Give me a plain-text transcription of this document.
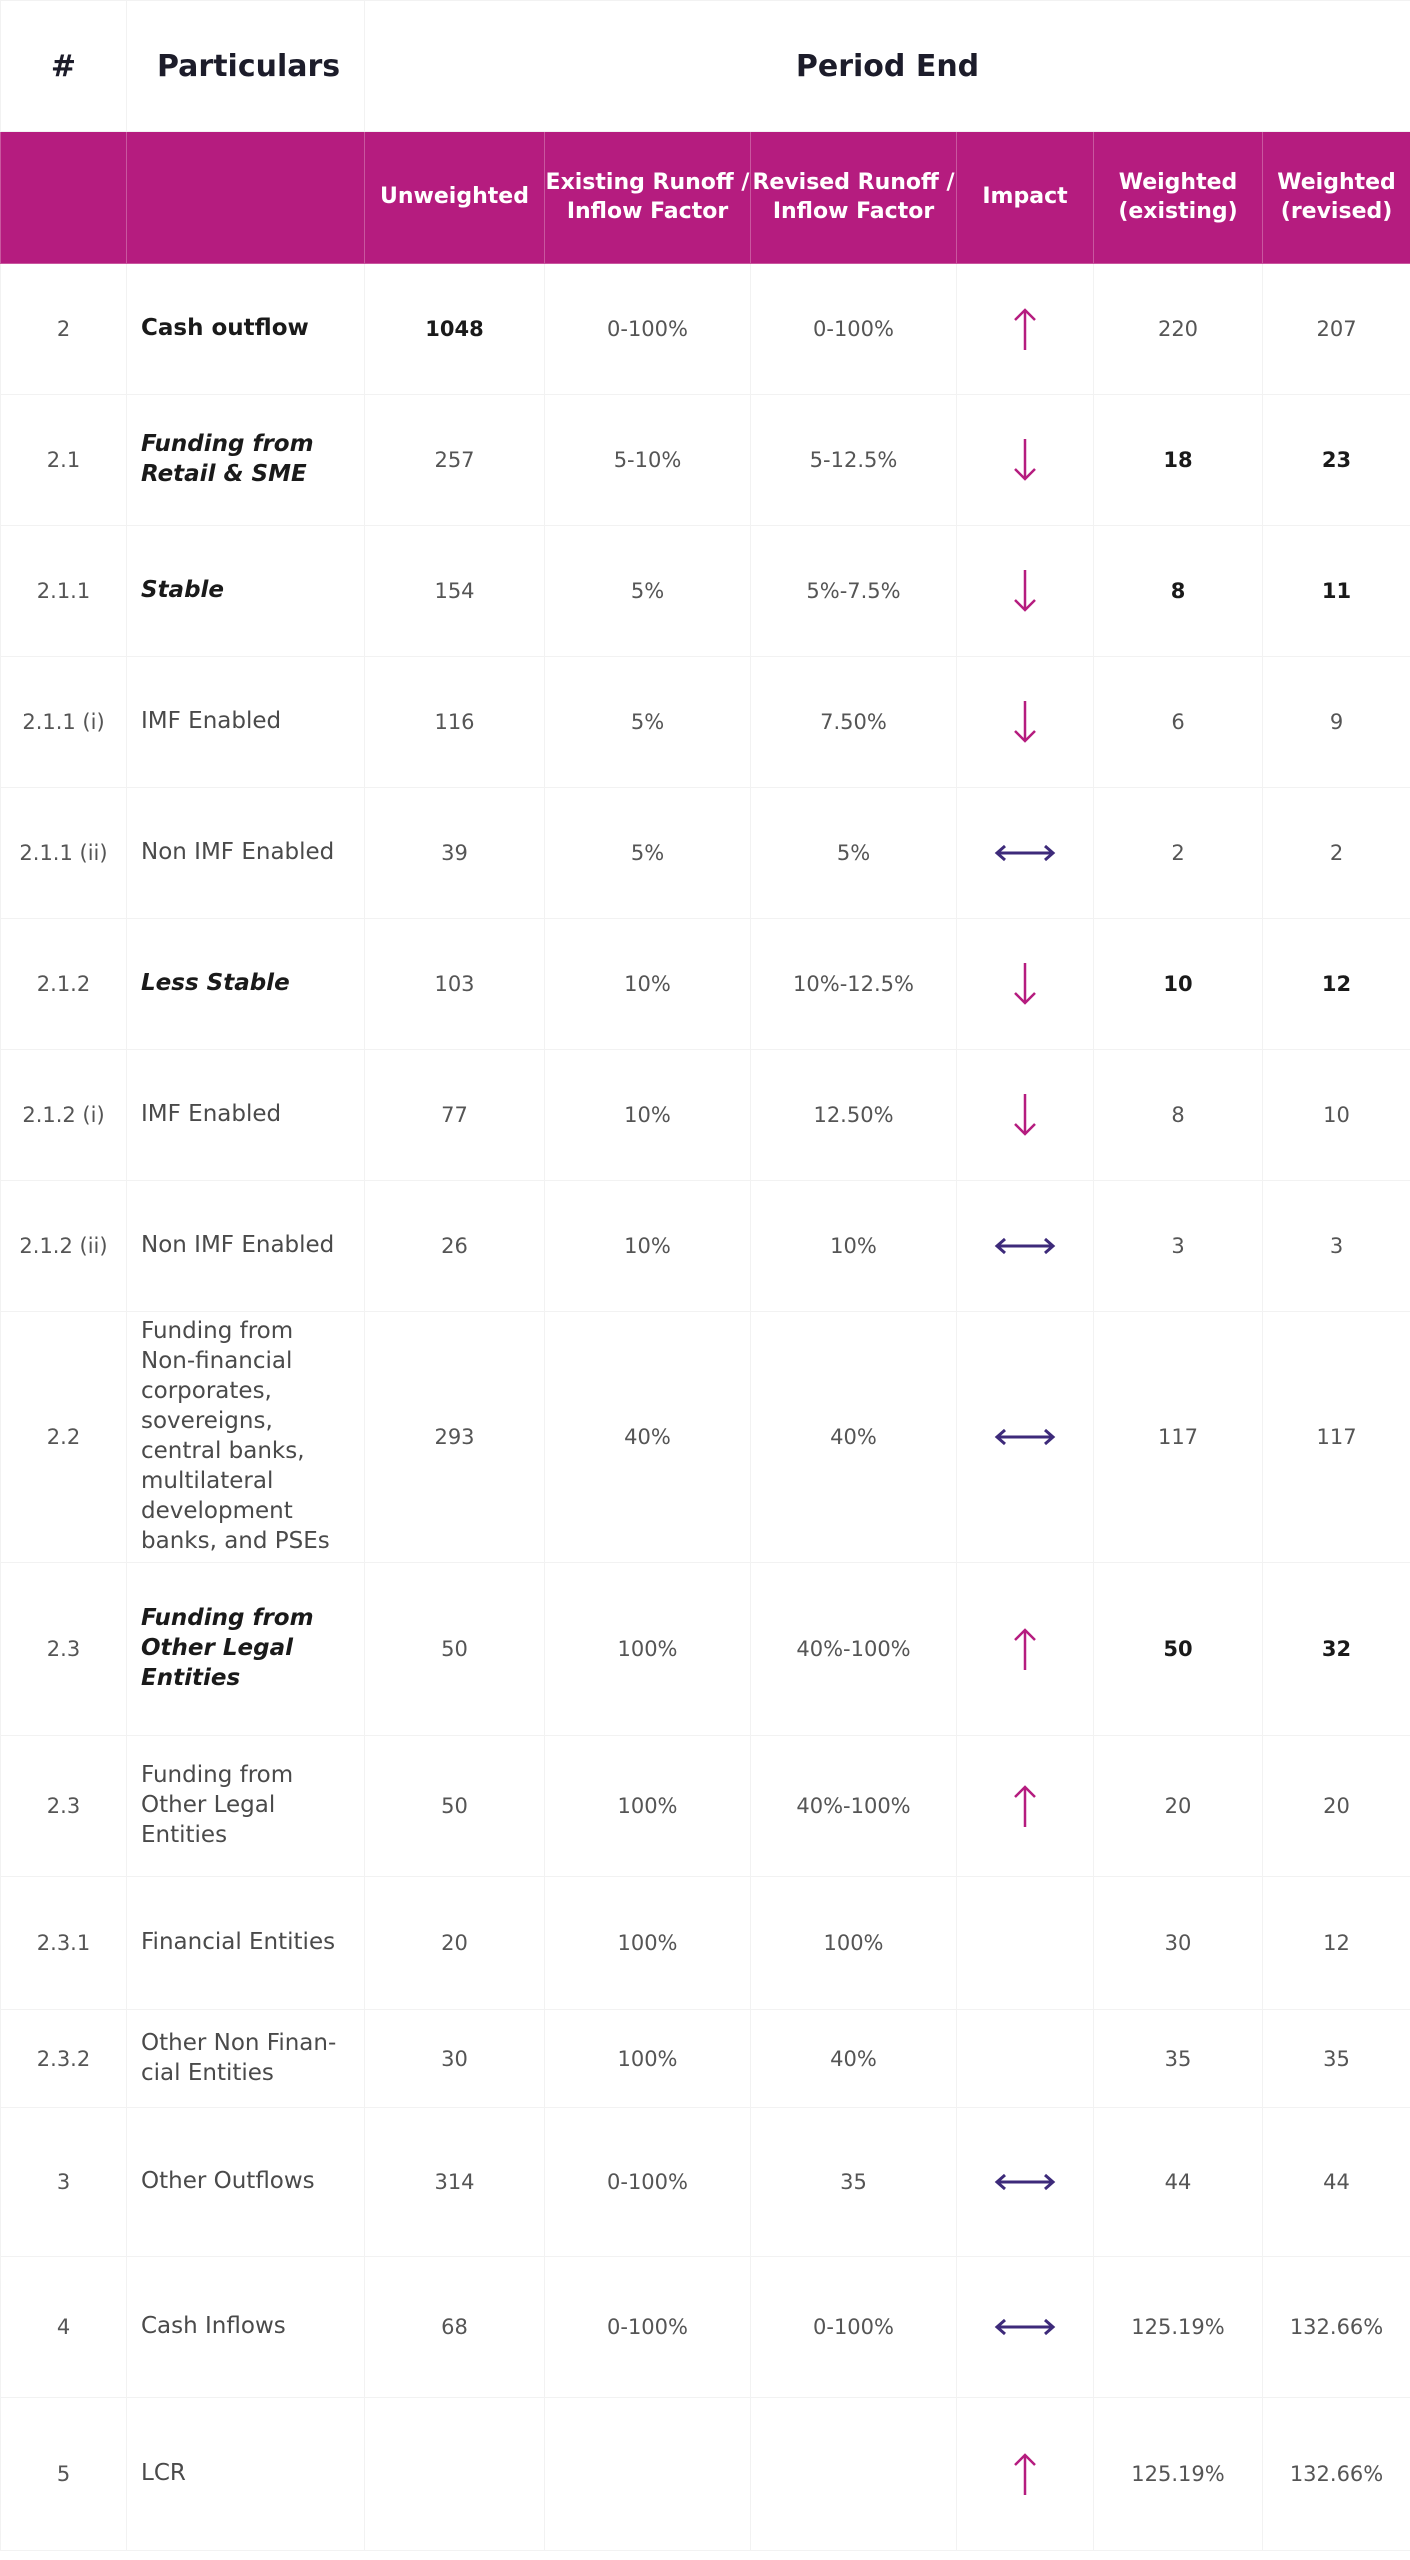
#	Particulars	Period End					
		Unweighted	Existing Runoff / Inflow Factor	Revised Runoff / Inflow Factor	Impact	Weighted (existing)	Weighted (revised)
2	Cash outflow	1048	0-100%	0-100%		220	207
2.1	Funding from Retail & SME	257	5-10%	5-12.5%		18	23
2.1.1	Stable	154	5%	5%-7.5%		8	11
2.1.1 (i)	IMF Enabled	116	5%	7.50%		6	9
2.1.1 (ii)	Non IMF Enabled	39	5%	5%		2	2
2.1.2	Less Stable	103	10%	10%-12.5%		10	12
2.1.2 (i)	IMF Enabled	77	10%	12.50%		8	10
2.1.2 (ii)	Non IMF Enabled	26	10%	10%		3	3
2.2	Funding from Non-financial corporates, sovereigns, central banks, multilateral development banks, and PSEs	293	40%	40%		117	117
2.3	Funding from Other Legal Entities	50	100%	40%-100%		50	32
2.3	Funding from Other Legal Entities	50	100%	40%-100%		20	20
2.3.1	Financial Entities	20	100%	100%		30	12
2.3.2	Other Non Finan- cial Entities	30	100%	40%		35	35
3	Other Outflows	314	0-100%	35		44	44
4	Cash Inflows	68	0-100%	0-100%		125.19%	132.66%
5	LCR					125.19%	132.66%
